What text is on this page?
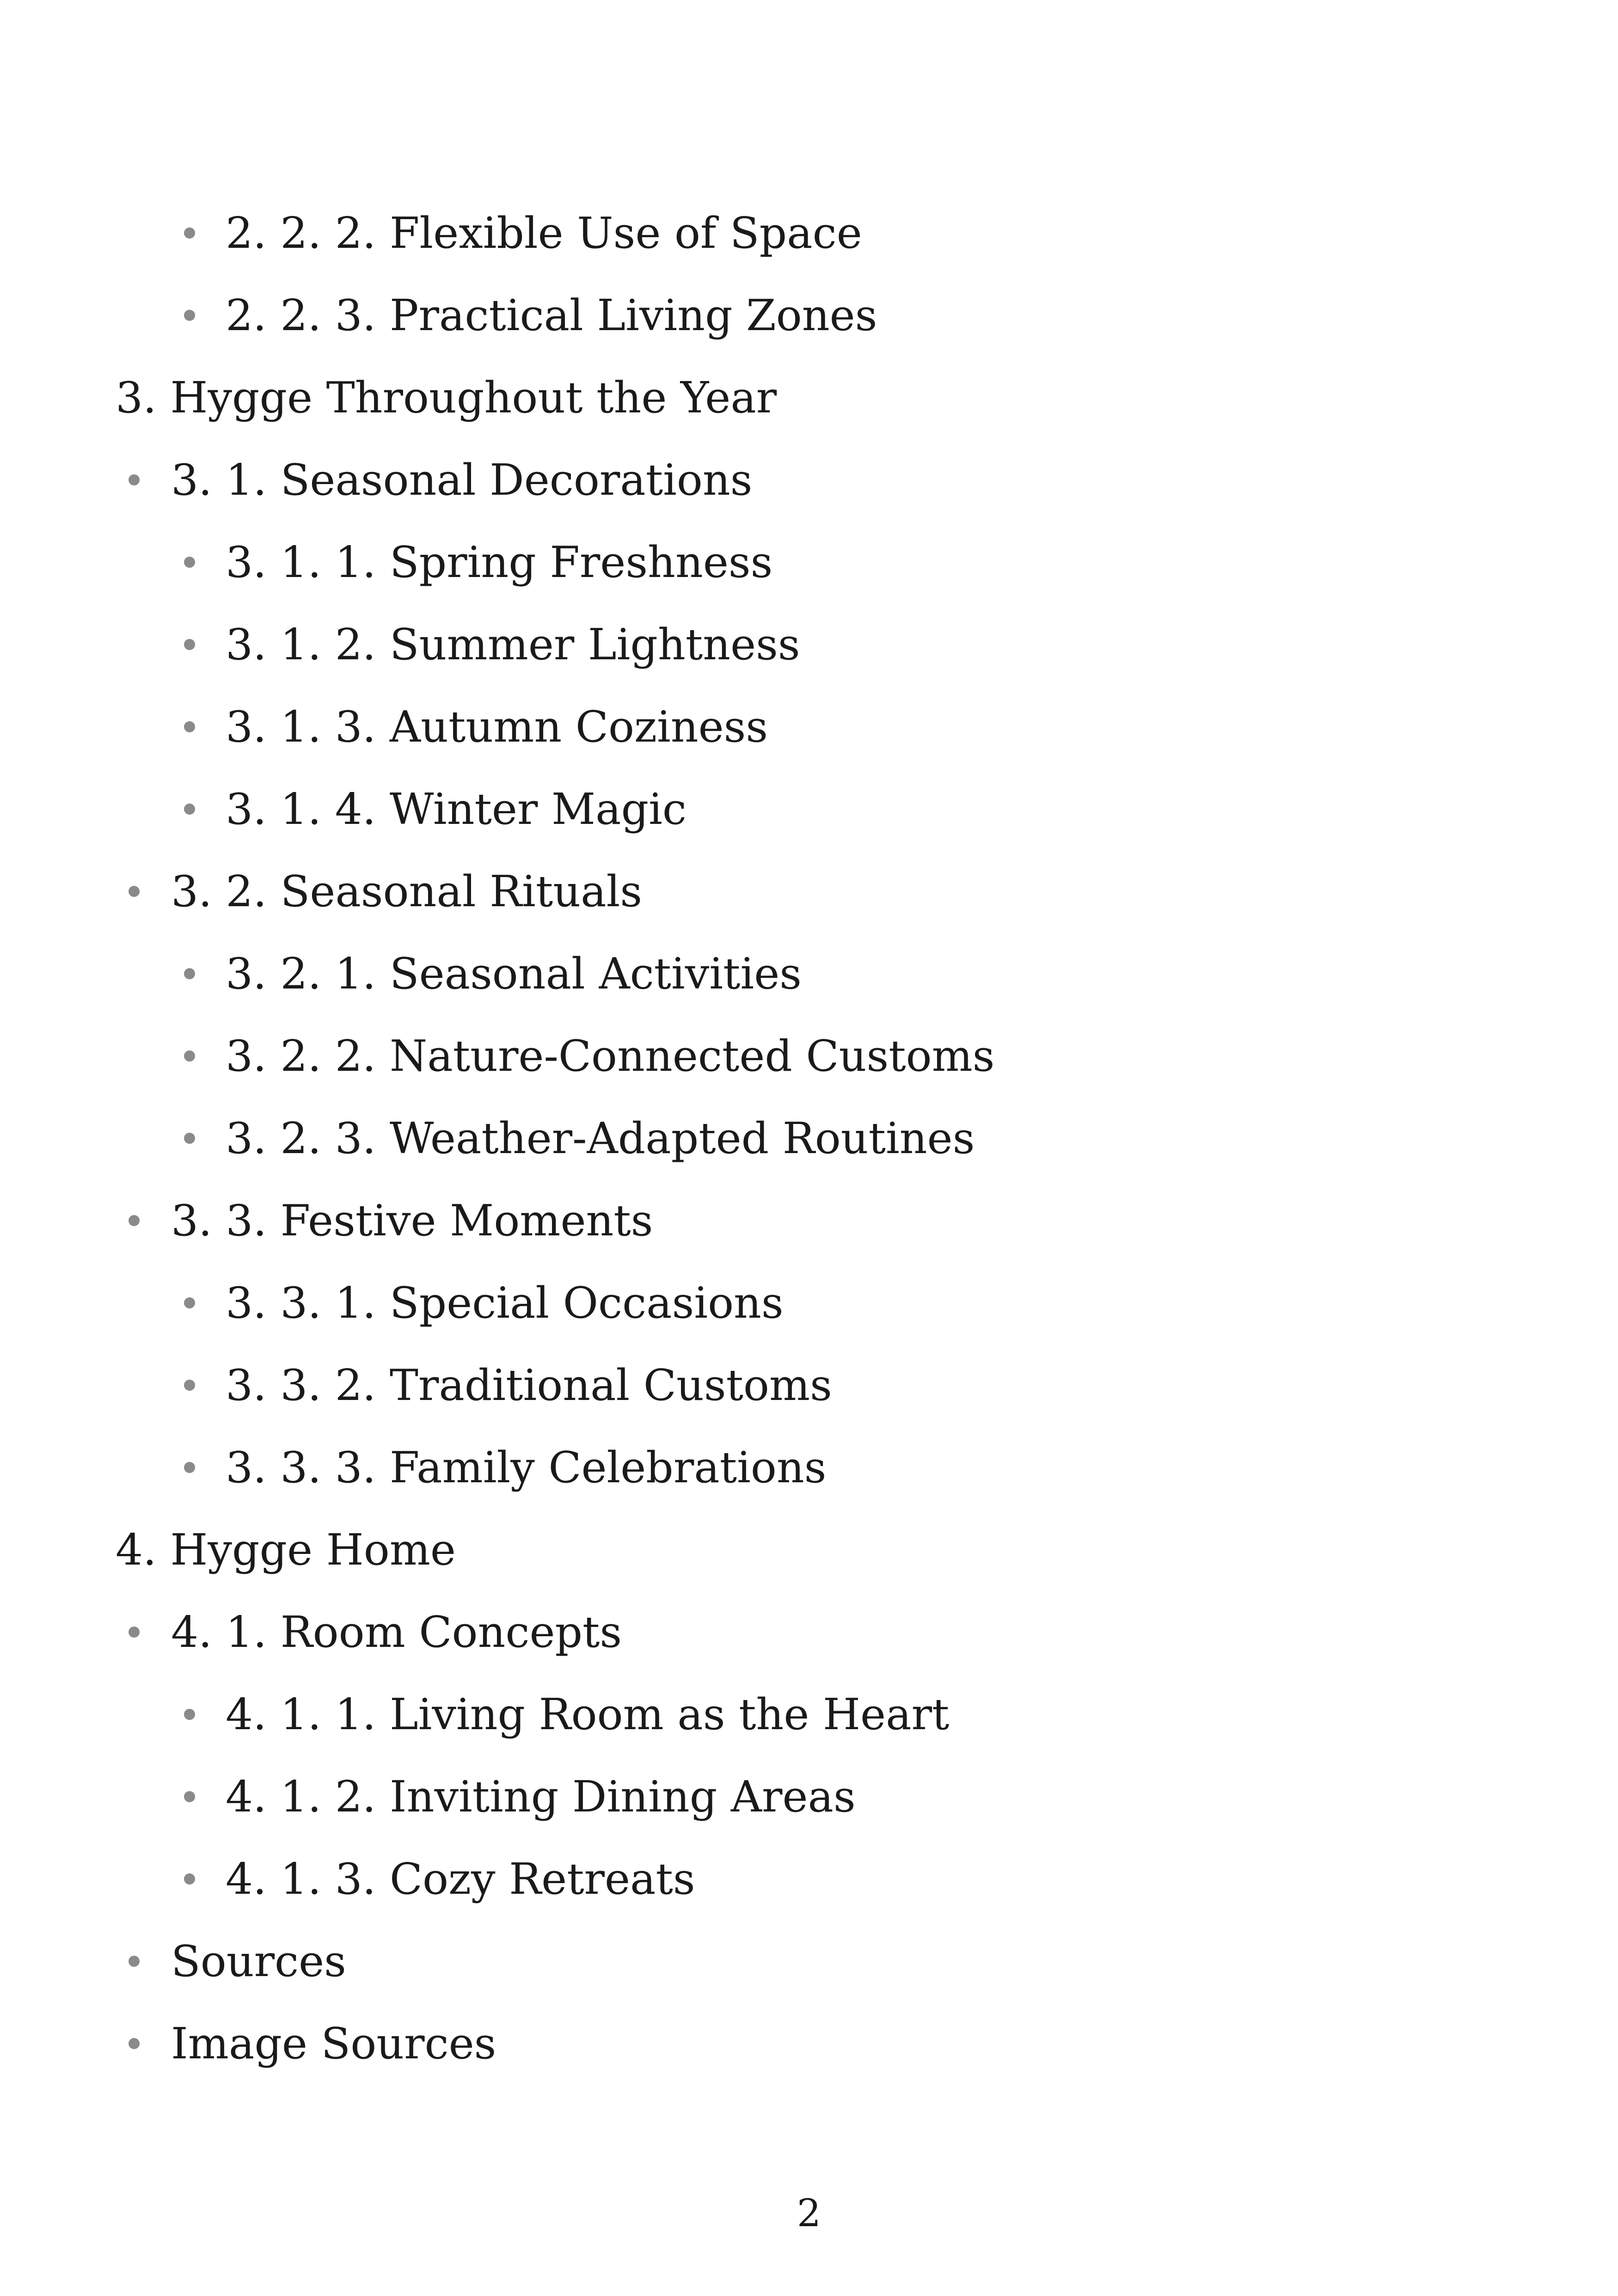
2. 2. 2. Flexible Use of Space
2. 2. 3. Practical Living Zones
3. Hygge Throughout the Year
3. 1. Seasonal Decorations
3. 1. 1. Spring Freshness
3. 1. 2. Summer Lightness
3. 1. 3. Autumn Coziness
3. 1. 4. Winter Magic
3. 2. Seasonal Rituals
3. 2. 1. Seasonal Activities
3. 2. 2. Nature-Connected Customs
3. 2. 3. Weather-Adapted Routines
3. 3. Festive Moments
3. 3. 1. Special Occasions
3. 3. 2. Traditional Customs
3. 3. 3. Family Celebrations
4. Hygge Home
4. 1. Room Concepts
4. 1. 1. Living Room as the Heart
4. 1. 2. Inviting Dining Areas
4. 1. 3. Cozy Retreats
Sources
Image Sources
2
